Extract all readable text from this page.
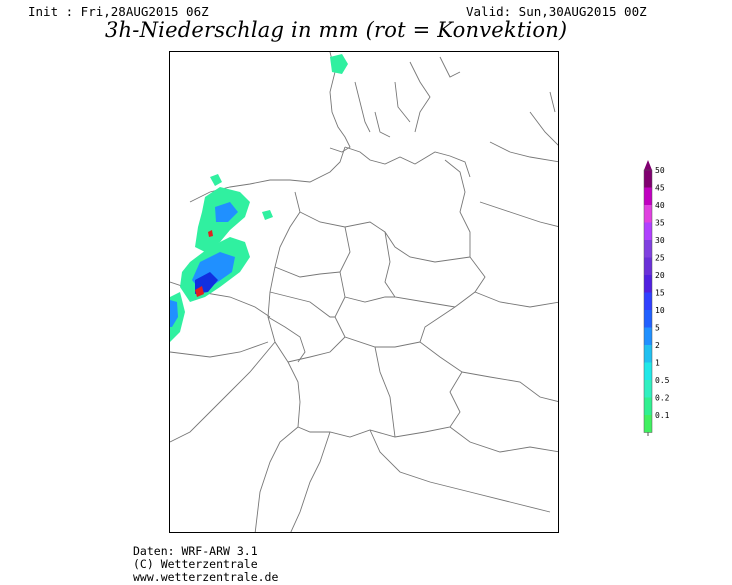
Init : Fri,28AUG2015 06Z	Valid: Sun,30AUG2015 00Z
3h-Niederschlag in mm (rot = Konvektion)
50
45
40
35
30
25
20
15
10
5
2
1
0.5
0.2
0.1
Daten: WRF-ARW 3.1
(C) Wetterzentrale
www.wetterzentrale.de
